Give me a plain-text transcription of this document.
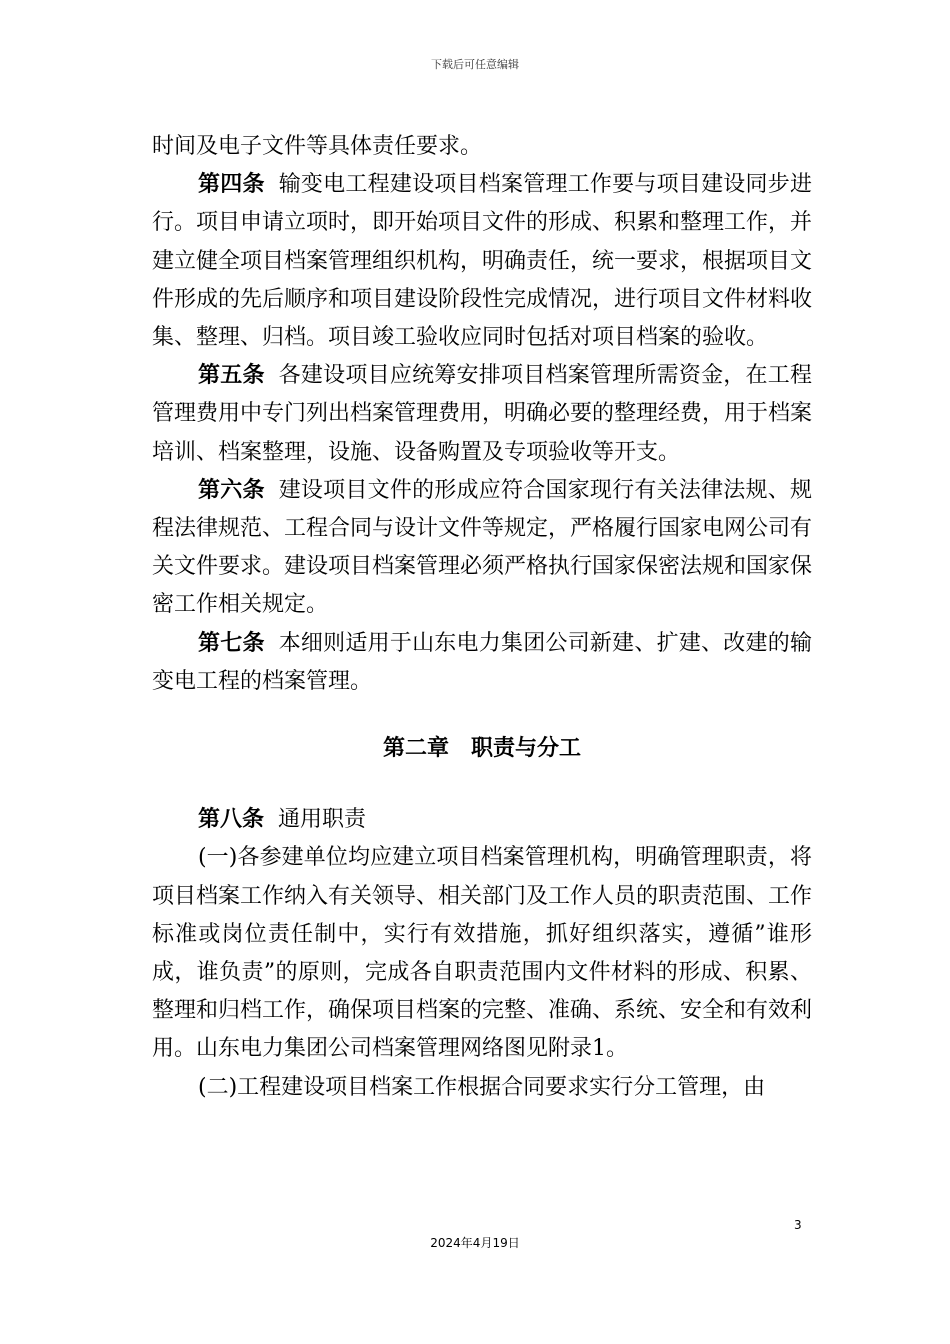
下载后可任意编辑

时间及电子文件等具体责任要求。

第四条 输变电工程建设项目档案管理工作要与项目建设同步进行。项目申请立项时，即开始项目文件的形成、积累和整理工作，并建立健全项目档案管理组织机构，明确责任，统一要求，根据项目文件形成的先后顺序和项目建设阶段性完成情况，进行项目文件材料收集、整理、归档。项目竣工验收应同时包括对项目档案的验收。

第五条 各建设项目应统筹安排项目档案管理所需资金，在工程管理费用中专门列出档案管理费用，明确必要的整理经费，用于档案培训、档案整理，设施、设备购置及专项验收等开支。

第六条 建设项目文件的形成应符合国家现行有关法律法规、规程法律规范、工程合同与设计文件等规定，严格履行国家电网公司有关文件要求。建设项目档案管理必须严格执行国家保密法规和国家保密工作相关规定。

第七条 本细则适用于山东电力集团公司新建、扩建、改建的输变电工程的档案管理。

第二章　职责与分工

第八条 通用职责

(一)各参建单位均应建立项目档案管理机构，明确管理职责，将项目档案工作纳入有关领导、相关部门及工作人员的职责范围、工作标准或岗位责任制中，实行有效措施，抓好组织落实，遵循”谁形成，谁负责”的原则，完成各自职责范围内文件材料的形成、积累、整理和归档工作，确保项目档案的完整、准确、系统、安全和有效利用。山东电力集团公司档案管理网络图见附录1。

(二)工程建设项目档案工作根据合同要求实行分工管理，由

3
2024年4月19日
